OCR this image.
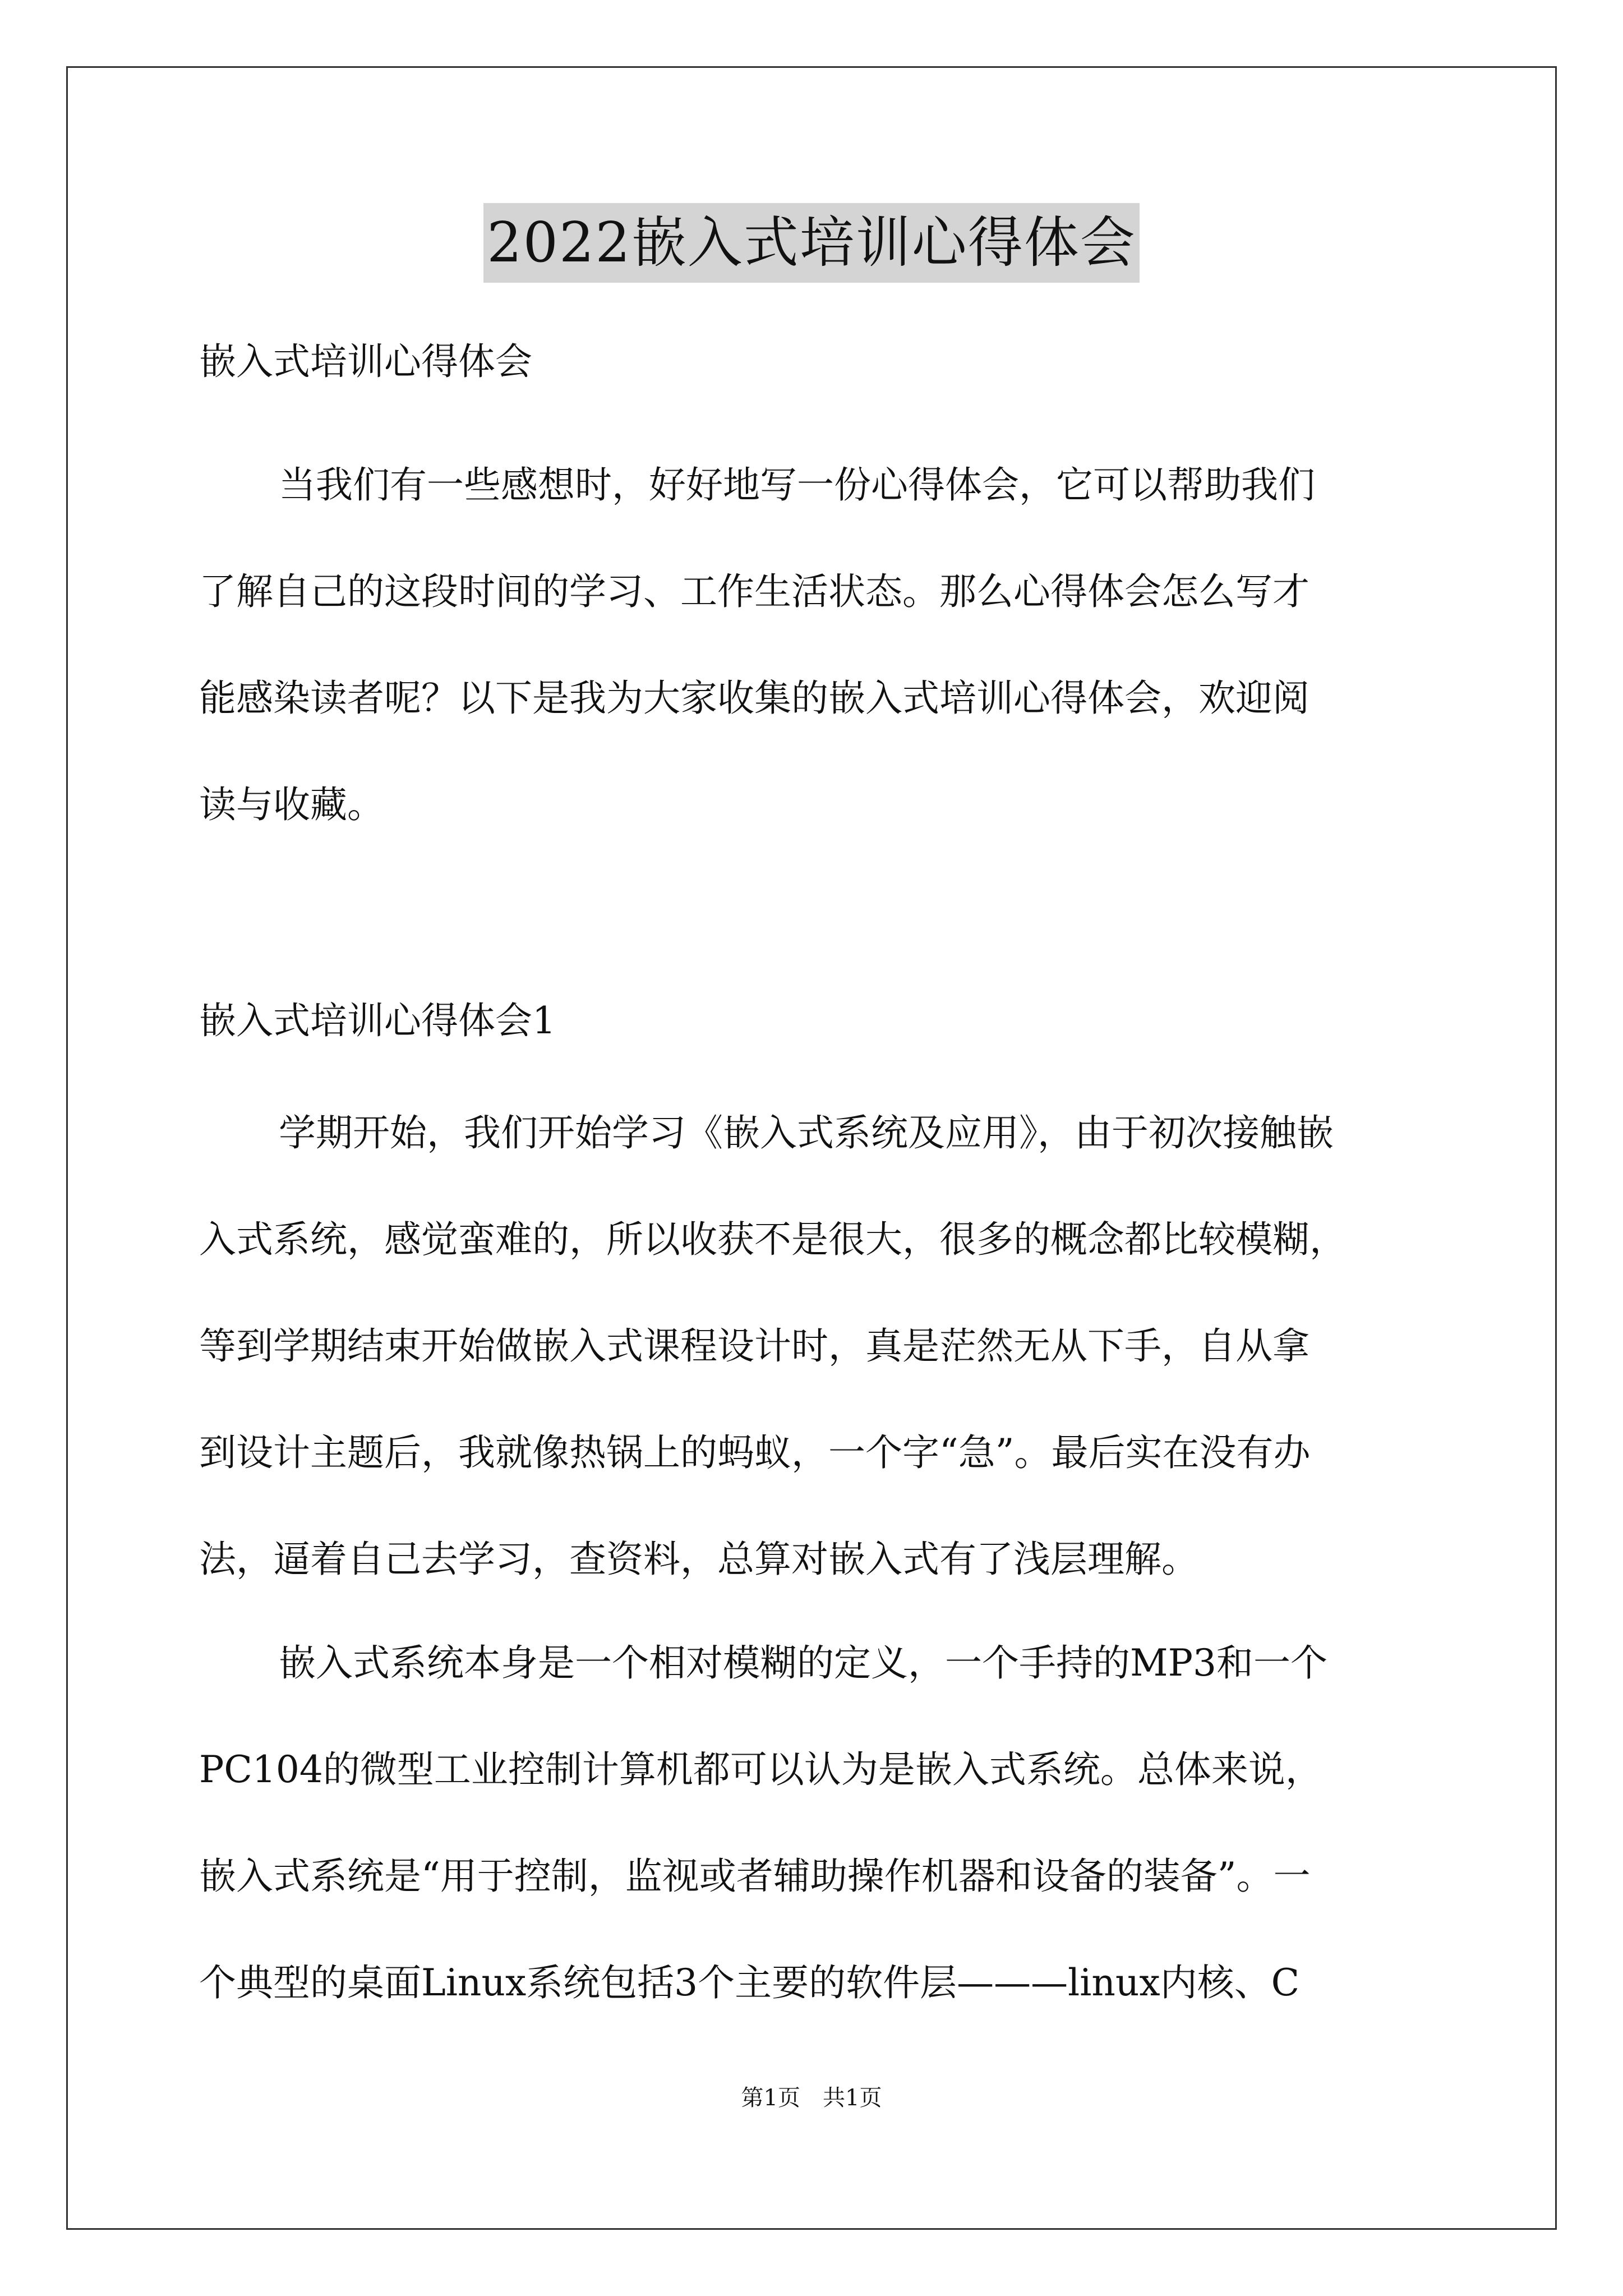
2022嵌入式培训心得体会
嵌入式培训心得体会
当我们有一些感想时，好好地写一份心得体会，它可以帮助我们
了解自己的这段时间的学习、工作生活状态。那么心得体会怎么写才
能感染读者呢？以下是我为大家收集的嵌入式培训心得体会，欢迎阅
读与收藏。
嵌入式培训心得体会1
学期开始，我们开始学习《嵌入式系统及应用》，由于初次接触嵌
入式系统，感觉蛮难的，所以收获不是很大，很多的概念都比较模糊，
等到学期结束开始做嵌入式课程设计时，真是茫然无从下手，自从拿
到设计主题后，我就像热锅上的蚂蚁，一个字“急”。最后实在没有办
法，逼着自己去学习，查资料，总算对嵌入式有了浅层理解。
嵌入式系统本身是一个相对模糊的定义，一个手持的MP3和一个
PC104的微型工业控制计算机都可以认为是嵌入式系统。总体来说，
嵌入式系统是“用于控制，监视或者辅助操作机器和设备的装备”。一
个典型的桌面Linux系统包括3个主要的软件层———linux内核、C
第1页 共1页
